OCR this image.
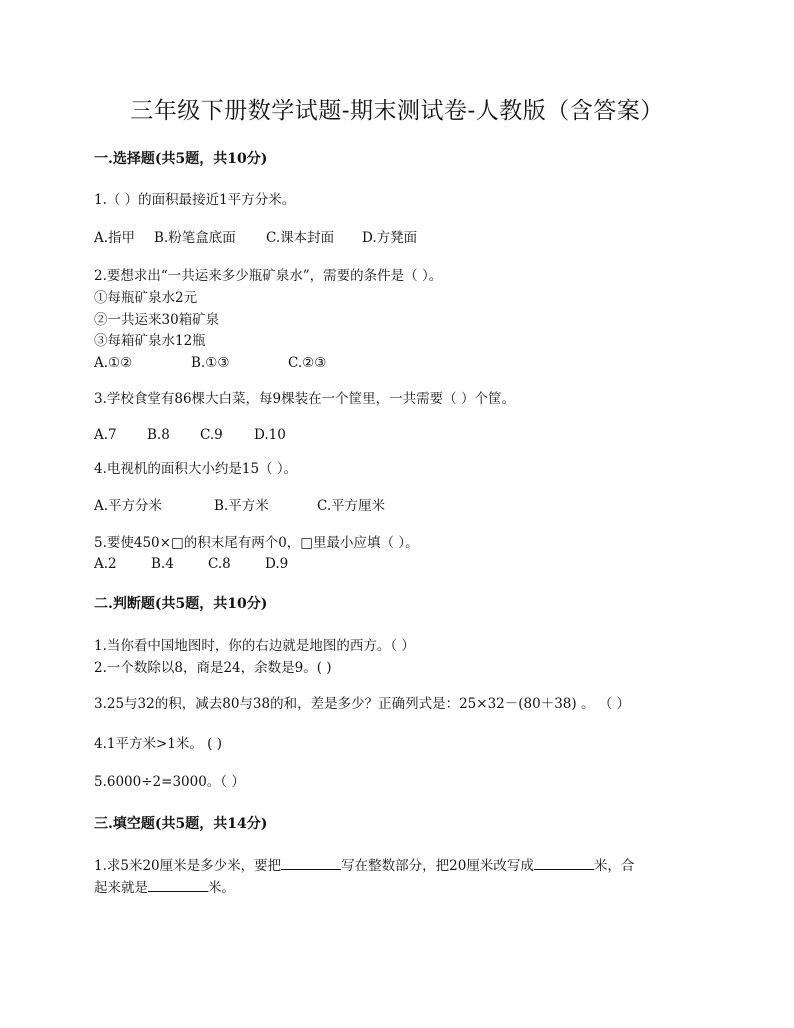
三年级下册数学试题-期末测试卷-人教版（含答案）
一.选择题(共5题，共10分)
1.（ ）的面积最接近1平方分米。
A.指甲 B.粉笔盒底面 C.课本封面 D.方凳面
2.要想求出“一共运来多少瓶矿泉水”，需要的条件是（ ）。
①每瓶矿泉水2元
②一共运来30箱矿泉
③每箱矿泉水12瓶
A.①②	B.①③	C.②③
3.学校食堂有86棵大白菜，每9棵装在一个筐里，一共需要（ ）个筐。
A.7 B.8 C.9 D.10
4.电视机的面积大小约是15（ ）。
A.平方分米	B.平方米	C.平方厘米
5.要使450×□的积末尾有两个0，□里最小应填（ ）。
A.2	B.4	C.8	D.9
二.判断题(共5题，共10分)
1.当你看中国地图时，你的右边就是地图的西方。（ ）
2.一个数除以8，商是24，余数是9。( )
3.25与32的积，减去80与38的和，差是多少？正确列式是：25×32－(80＋38) 。 （ ）
4.1平方米>1米。 ( )
5.6000÷2=3000。（ ）
三.填空题(共5题，共14分)
1.求5米20厘米是多少米，要把	写在整数部分，把20厘米改写成	米，合
起来就是	米。
